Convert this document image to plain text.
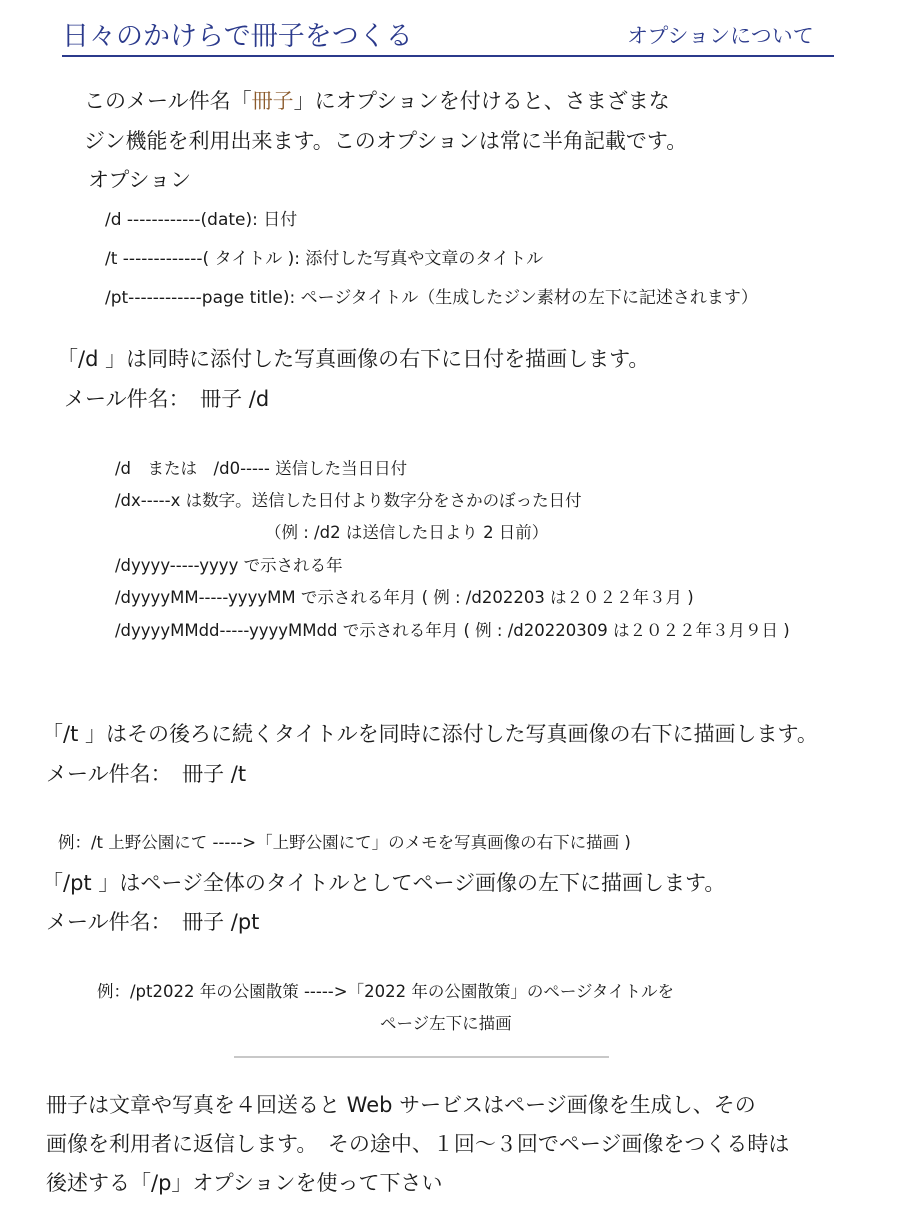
日々のかけらで冊子をつくる	オプションについて
このメール件名「冊子」にオプションを付けると、さまざまな
ジン機能を利用出来ます。このオプションは常に半角記載です。
オプション
/d ------------(date): 日付
/t -------------( タイトル ): 添付した写真や文章のタイトル
/pt------------page title): ページタイトル（生成したジン素材の左下に記述されます）
「/d 」は同時に添付した写真画像の右下に日付を描画します。
メール件名：　冊子 /d
/d　または　/d0----- 送信した当日日付
/dx-----x は数字。送信した日付より数字分をさかのぼった日付
（例 : /d2 は送信した日より 2 日前）
/dyyyy-----yyyy で示される年
/dyyyyMM-----yyyyMM で示される年月 ( 例 : /d202203 は２０２２年３月 )
/dyyyyMMdd-----yyyyMMdd で示される年月 ( 例 : /d20220309 は２０２２年３月９日 )
「/t 」はその後ろに続くタイトルを同時に添付した写真画像の右下に描画します。
メール件名：　冊子 /t
例：/t 上野公園にて ----->「上野公園にて」のメモを写真画像の右下に描画 )
「/pt 」はページ全体のタイトルとしてページ画像の左下に描画します。
メール件名：　冊子 /pt
例：/pt2022 年の公園散策 ----->「2022 年の公園散策」のページタイトルを
ページ左下に描画
冊子は文章や写真を４回送ると Web サービスはページ画像を生成し、その
画像を利用者に返信します。　その途中、１回〜３回でページ画像をつくる時は
後述する「/p」オプションを使って下さい
